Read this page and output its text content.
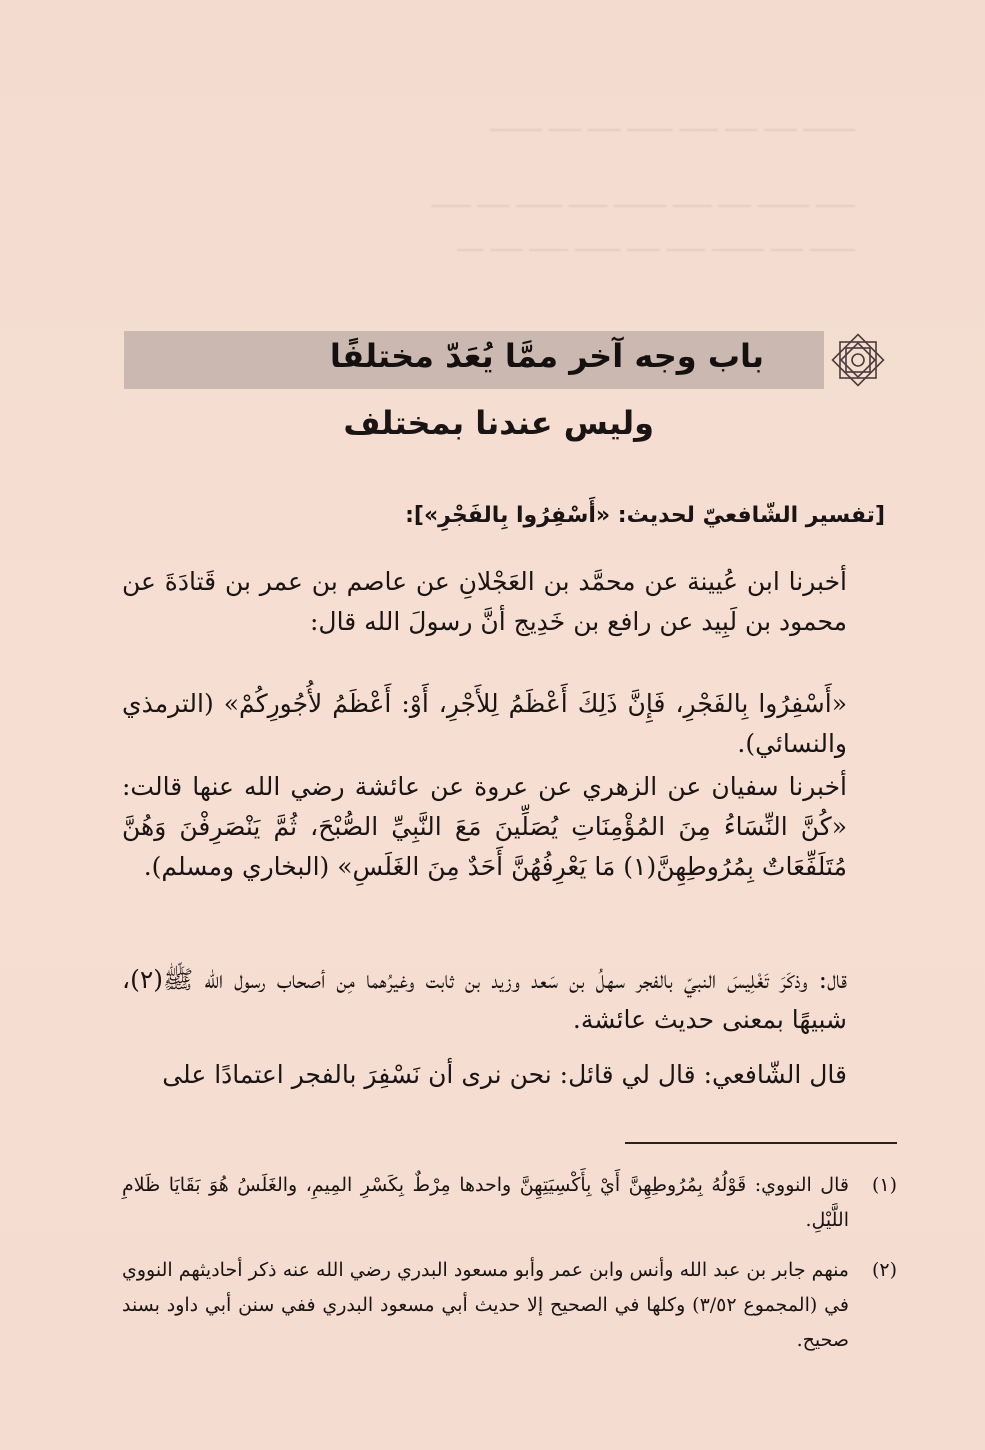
ــــــــ ـــــ ـــــ ــــــ ـــــــ ـــــ ـــــ ــــــــ
ــــــ ــــــــ ـــــ ــــــ ــــــــ ــــــ ـــــــ ـــــ ــــــ
ـــــــ ـــــ ــــــــ ــــــ ـــــ ـــــــ ــــــ ـــــ ــــ
باب وجه آخر ممَّا يُعَدّ مختلفًا
وليس عندنا بمختلف
[تفسير الشّافعيّ لحديث: «أَسْفِرُوا بِالفَجْرِ»]:
أخبرنا ابن عُيينة عن محمَّد بن العَجْلانِ عن عاصم بن عمر بن قَتادَةَ عن محمود بن لَبِيد عن رافع بن خَدِيج أنَّ رسولَ الله قال:
«أَسْفِرُوا بِالفَجْرِ، فَإِنَّ ذَلِكَ أَعْظَمُ لِلأَجْرِ، أَوْ: أَعْظَمُ لأُجُورِكُمْ» (الترمذي والنسائي).
أخبرنا سفيان عن الزهري عن عروة عن عائشة رضي الله عنها قالت: «كُنَّ النِّسَاءُ مِنَ المُؤْمِنَاتِ يُصَلِّينَ مَعَ النَّبِيِّ الصُّبْحَ، ثُمَّ يَنْصَرِفْنَ وَهُنَّ مُتَلَفِّعَاتٌ بِمُرُوطِهِنَّ(١) مَا يَعْرِفُهُنَّ أَحَدٌ مِنَ الغَلَسِ» (البخاري ومسلم).
قال: وذكَرَ تَغْلِيسَ النبيّ بالفجر سهلُ بن سَعد وزيد بن ثابت وغيرُهما مِن أصحاب رسول الله ﷺ(٢)، شبيهًا بمعنى حديث عائشة.
قال الشّافعي: قال لي قائل: نحن نرى أن نَسْفِرَ بالفجر اعتمادًا على
(١)
قال النووي: قَوْلُهُ بِمُرُوطِهِنَّ أَيْ بِأَكْسِيَتِهِنَّ واحدها مِرْطٌ بِكَسْرِ المِيمِ، والغَلَسُ هُوَ بَقَايَا ظَلامِ اللَّيْلِ.
(٢)
منهم جابر بن عبد الله وأنس وابن عمر وأبو مسعود البدري رضي الله عنه ذكر أحاديثهم النووي في (المجموع ٣/٥٢) وكلها في الصحيح إلا حديث أبي مسعود البدري ففي سنن أبي داود بسند صحيح.
